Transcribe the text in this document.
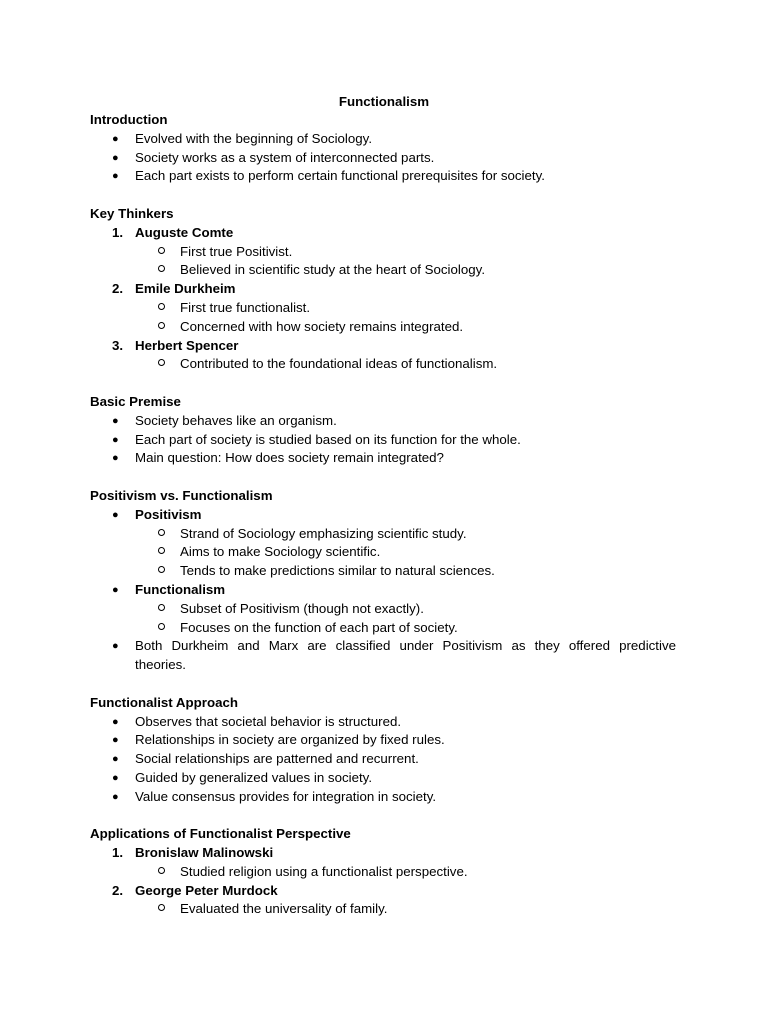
Functionalism
Introduction
● Evolved with the beginning of Sociology.
● Society works as a system of interconnected parts.
● Each part exists to perform certain functional prerequisites for society.
Key Thinkers
1. Auguste Comte
First true Positivist.
Believed in scientific study at the heart of Sociology.
2. Emile Durkheim
First true functionalist.
Concerned with how society remains integrated.
3. Herbert Spencer
Contributed to the foundational ideas of functionalism.
Basic Premise
● Society behaves like an organism.
● Each part of society is studied based on its function for the whole.
● Main question: How does society remain integrated?
Positivism vs. Functionalism
● Positivism
Strand of Sociology emphasizing scientific study.
Aims to make Sociology scientific.
Tends to make predictions similar to natural sciences.
● Functionalism
Subset of Positivism (though not exactly).
Focuses on the function of each part of society.
● Both Durkheim and Marx are classified under Positivism as they offered predictive
theories.
Functionalist Approach
● Observes that societal behavior is structured.
● Relationships in society are organized by fixed rules.
● Social relationships are patterned and recurrent.
● Guided by generalized values in society.
● Value consensus provides for integration in society.
Applications of Functionalist Perspective
1. Bronislaw Malinowski
Studied religion using a functionalist perspective.
2. George Peter Murdock
Evaluated the universality of family.
